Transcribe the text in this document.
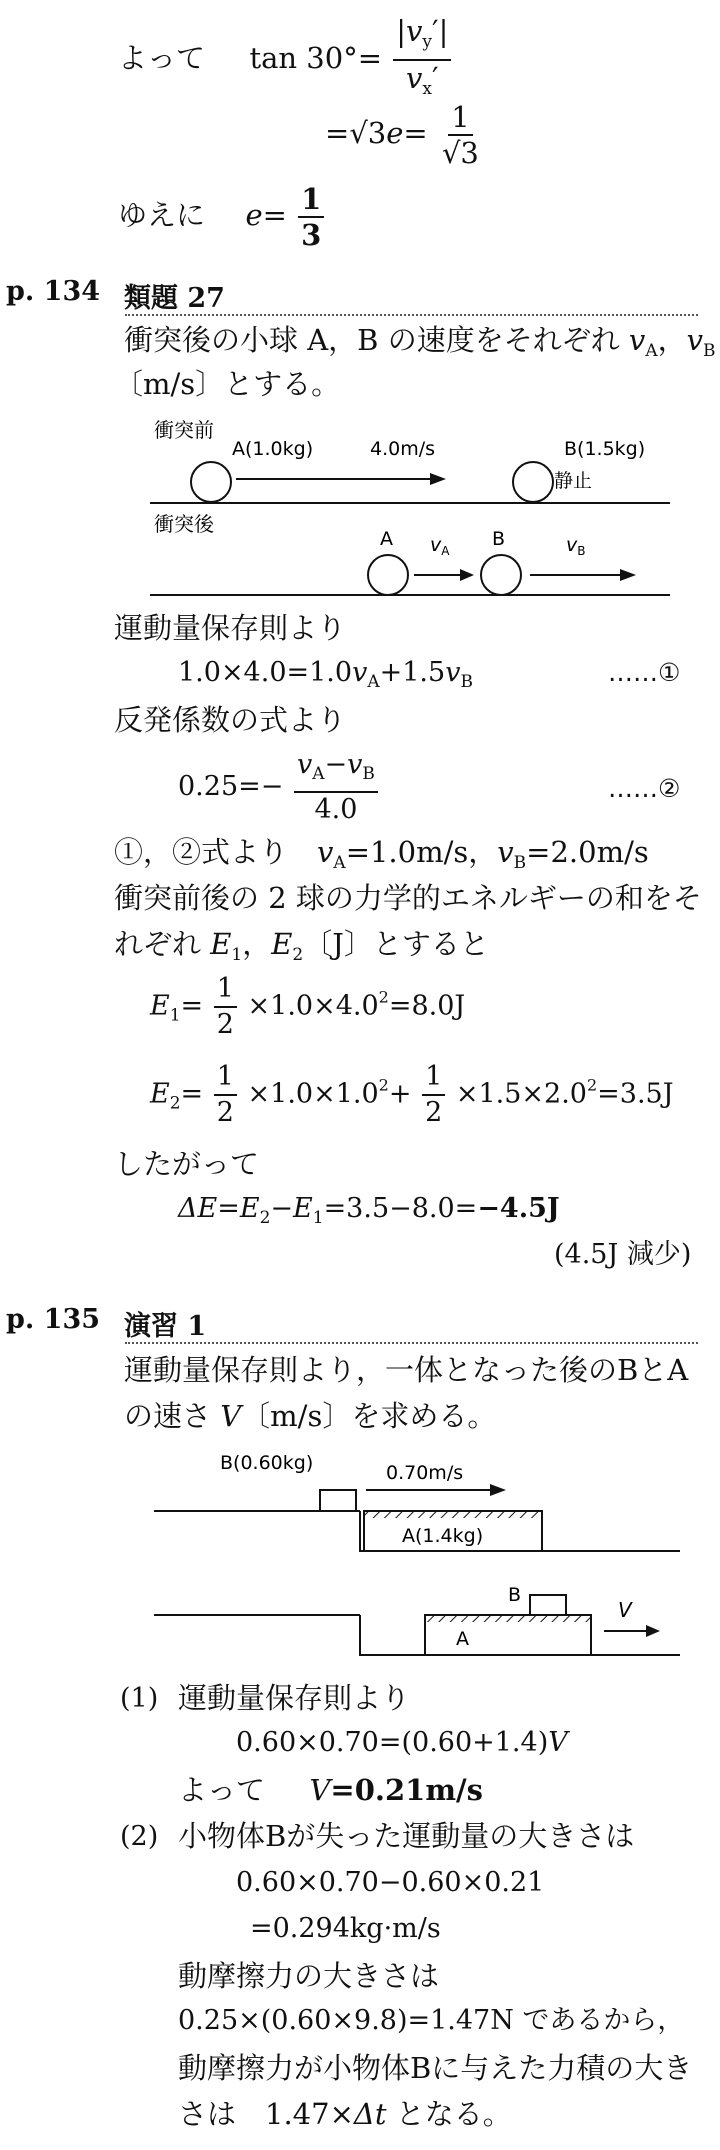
よって $\tan 30^\circ= \frac{|v_y'|}{v_x'}$
$=√3e= \frac{1}{√3}$
ゆえに $e= \frac{1}{3}$
p. 134 類題 27
衝突後の小球 A，B の速度をそれぞれ $v_A$，$v_B$
〔m/s〕とする。
衝突前
A(1.0kg)	4.0m/s	B(1.5kg)
静止
衝突後
A $v_A$
B	$v_B$
運動量保存則より
$1.0\times 4.0=1.0v_A+1.5v_B$	……①
反発係数の式より
$0.25=- \frac{v_A-v_B}{4.0}$	……②
①，②式より　$v_A=1.0m/s$，$v_B=2.0m/s$
衝突前後の 2 球の力学的エネルギーの和をそ
れぞれ $E_1$，$E_2$〔J〕とすると
$E_1= \frac{1}{2} \times 1.0\times 4.0^2=8.0J$
$E_2= \frac{1}{2} \times 1.0\times 1.0^2+ \frac{1}{2} \times 1.5\times 2.0^2=3.5J$
したがって
$\Delta E=E_2-E_1=3.5-8.0=-4.5J$
(4.5J 減少)
p. 135 演習 1
運動量保存則より，一体となった後のBとA
の速さ V〔m/s〕を求める。
B(0.60kg)	0.70m/s
A(1.4kg)
A
B
V
(1) 運動量保存則より
0.60×0.70=(0.60+1.4)V
よって V=0.21m/s
(2) 小物体Bが失った運動量の大きさは
0.60×0.70−0.60×0.21
=0.294kg·m/s
動摩擦力の大きさは
0.25×(0.60×9.8)=1.47N であるから，
動摩擦力が小物体Bに与えた力積の大き
さは　1.47×Δt となる。
